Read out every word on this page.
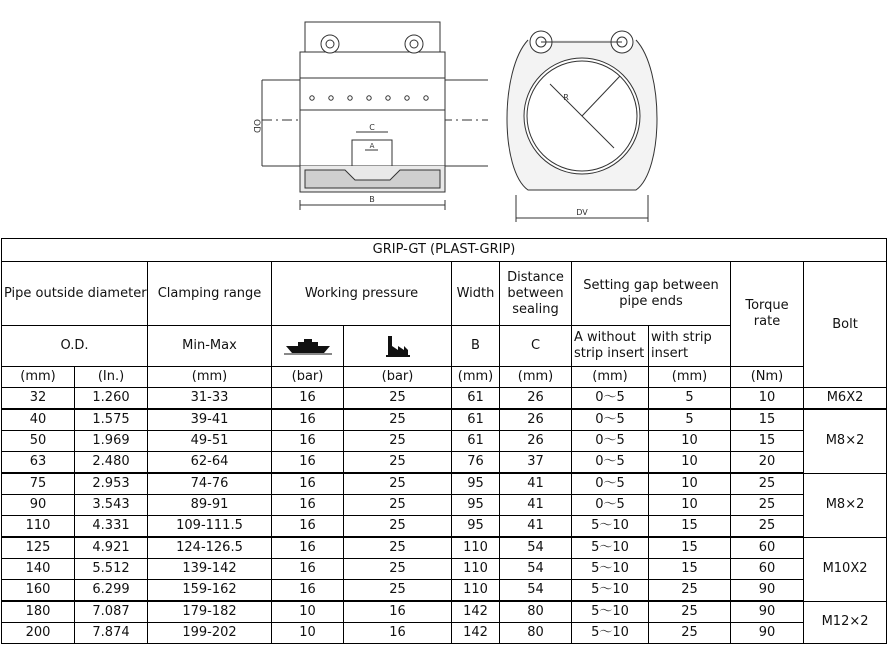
OD	C
A
B
R
DV
GRIP-GT (PLAST-GRIP)											
Pipe outside diameter		Clamping range	Working pressure		Width	Distance between sealing	Setting gap between pipe ends		Torque rate	Bolt	
O.D.		Min-Max			B	C	A without strip insert	with strip insert			
(mm)	(In.)	(mm)	(bar)	(bar)	(mm)	(mm)	(mm)	(mm)	(Nm)	
32	1.260	31-33	16	25	61	26	0～5	5	10	M6X2	
40	1.575	39-41	16	25	61	26	0～5	5	15	M8×2	
50	1.969	49-51	16	25	61	26	0～5	10	15		
63	2.480	62-64	16	25	76	37	0～5	10	20		
75	2.953	74-76	16	25	95	41	0～5	10	25	M8×2	
90	3.543	89-91	16	25	95	41	0～5	10	25		
110	4.331	109-111.5	16	25	95	41	5～10	15	25		
125	4.921	124-126.5	16	25	110	54	5～10	15	60	M10X2	
140	5.512	139-142	16	25	110	54	5～10	15	60		
160	6.299	159-162	16	25	110	54	5～10	25	90		
180	7.087	179-182	10	16	142	80	5～10	25	90	M12×2	
200	7.874	199-202	10	16	142	80	5～10	25	90		
